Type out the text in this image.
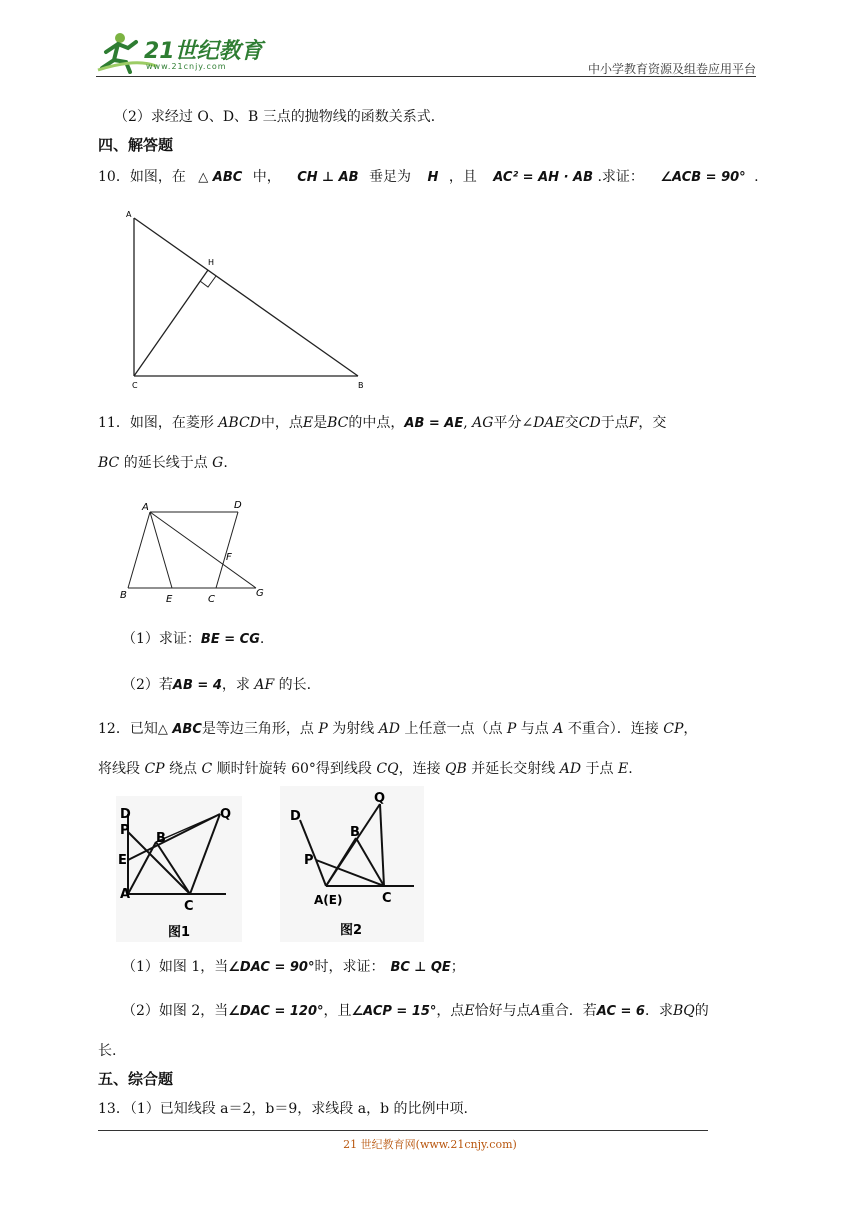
21世纪教育
www.21cnjy.com	中小学教育资源及组卷应用平台
（2）求经过 O、D、B 三点的抛物线的函数关系式．
四、解答题
10．如图，在 △ ABC 中， CH ⊥ AB 垂足为 H ，且 AC² = AH · AB .求证： ∠ACB = 90° .
A
H
C	B
11．如图，在菱形 ABCD中，点E是BC的中点，AB = AE, AG平分∠DAE交CD于点F，交
BC 的延长线于点 G.
A	D
F
B	E	C
G
（1）求证：BE = CG.
（2）若AB = 4，求 AF 的长.
12．已知△ ABC是等边三角形，点 P 为射线 AD 上任意一点（点 P 与点 A 不重合）．连接 CP，
将线段 CP 绕点 C 顺时针旋转 60°得到线段 CQ，连接 QB 并延长交射线 AD 于点 E.
D
P
Q
B
E
A
C
图1
Q
D
B
P
A(E)	C
图2
（1）如图 1，当∠DAC = 90°时，求证： BC ⊥ QE；
（2）如图 2，当∠DAC = 120°，且∠ACP = 15°，点E恰好与点A重合．若AC = 6．求BQ的
长.
五、综合题
13．（1）已知线段 a＝2，b＝9，求线段 a，b 的比例中项.
21 世纪教育网(www.21cnjy.com)
